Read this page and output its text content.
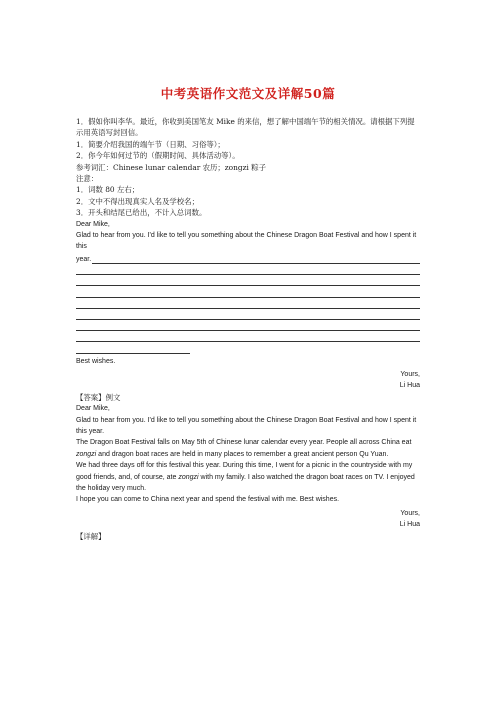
中考英语作文范文及详解50篇

1．假如你叫李华。最近，你收到美国笔友 Mike 的来信，想了解中国端午节的相关情况。请根据下列提示用英语写封回信。

1．简要介绍我国的端午节（日期、习俗等）；

2．你今年如何过节的（假期时间、具体活动等）。

参考词汇：Chinese lunar calendar 农历；zongzi 粽子

注意：

1．词数 80 左右；

2．文中不得出现真实人名及学校名；

3．开头和结尾已给出，不计入总词数。

Dear Mike,

Glad to hear from you. I'd like to tell you something about the Chinese Dragon Boat Festival and how I spent it this

year.

Best wishes.

Yours,

Li Hua

【答案】例文

Dear Mike,

Glad to hear from you. I'd like to tell you something about the Chinese Dragon Boat Festival and how I spent it this year.

The Dragon Boat Festival falls on May 5th of Chinese lunar calendar every year. People all across China eat zongzi and dragon boat races are held in many places to remember a great ancient person Qu Yuan.

We had three days off for this festival this year. During this time, I went for a picnic in the countryside with my good friends, and, of course, ate zongzi with my family. I also watched the dragon boat races on TV. I enjoyed the holiday very much.

I hope you can come to China next year and spend the festival with me. Best wishes.

Yours,

Li Hua

【详解】
